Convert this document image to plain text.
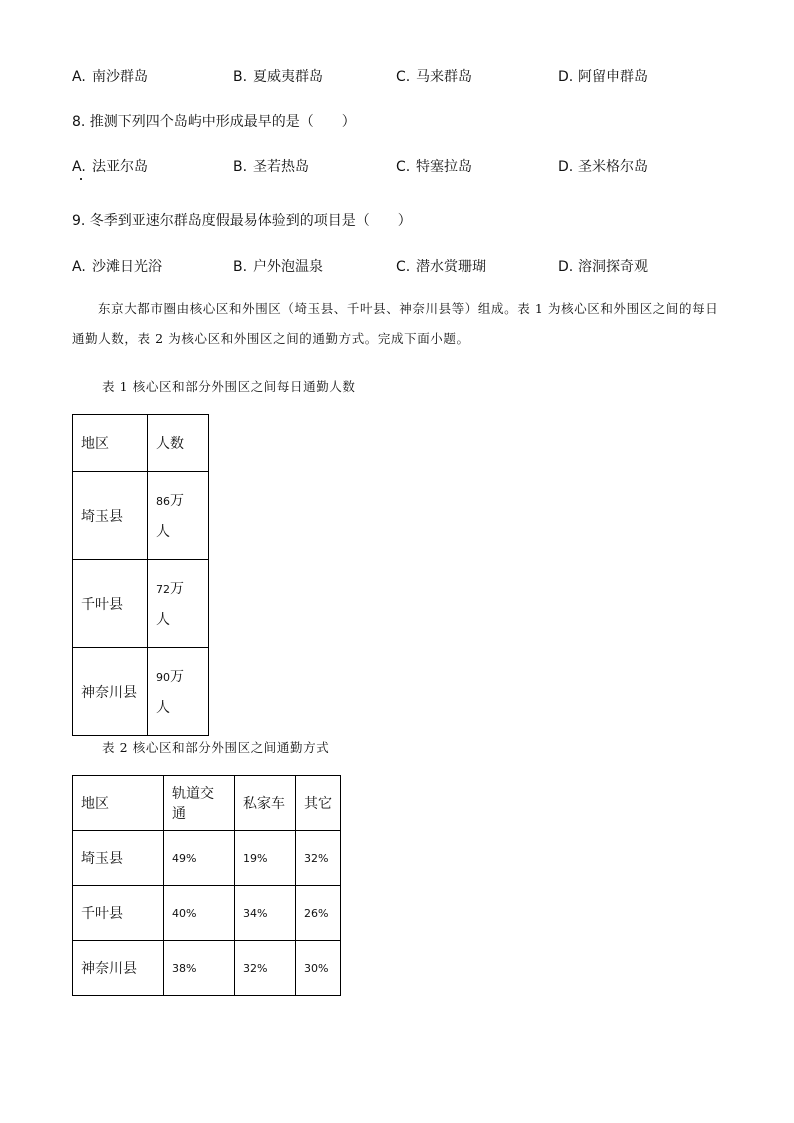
A. 南沙群岛	B. 夏威夷群岛	C. 马来群岛	D. 阿留申群岛
8. 推测下列四个岛屿中形成最早的是（　　）
A. 法亚尔岛	B. 圣若热岛	C. 特塞拉岛	D. 圣米格尔岛
9. 冬季到亚速尔群岛度假最易体验到的项目是（　　）
A. 沙滩日光浴	B. 户外泡温泉	C. 潜水赏珊瑚	D. 溶洞探奇观
东京大都市圈由核心区和外围区（埼玉县、千叶县、神奈川县等）组成。表 1 为核心区和外围区之间的每日通勤人数，表 2 为核心区和外围区之间的通勤方式。完成下面小题。
表 1 核心区和部分外围区之间每日通勤人数
地区	人数
埼玉县	86万
人
千叶县	72万
人
神奈川县	90万
人
表 2 核心区和部分外围区之间通勤方式
地区	轨道交通	私家车	其它
埼玉县	49%	19%	32%
千叶县	40%	34%	26%
神奈川县	38%	32%	30%
